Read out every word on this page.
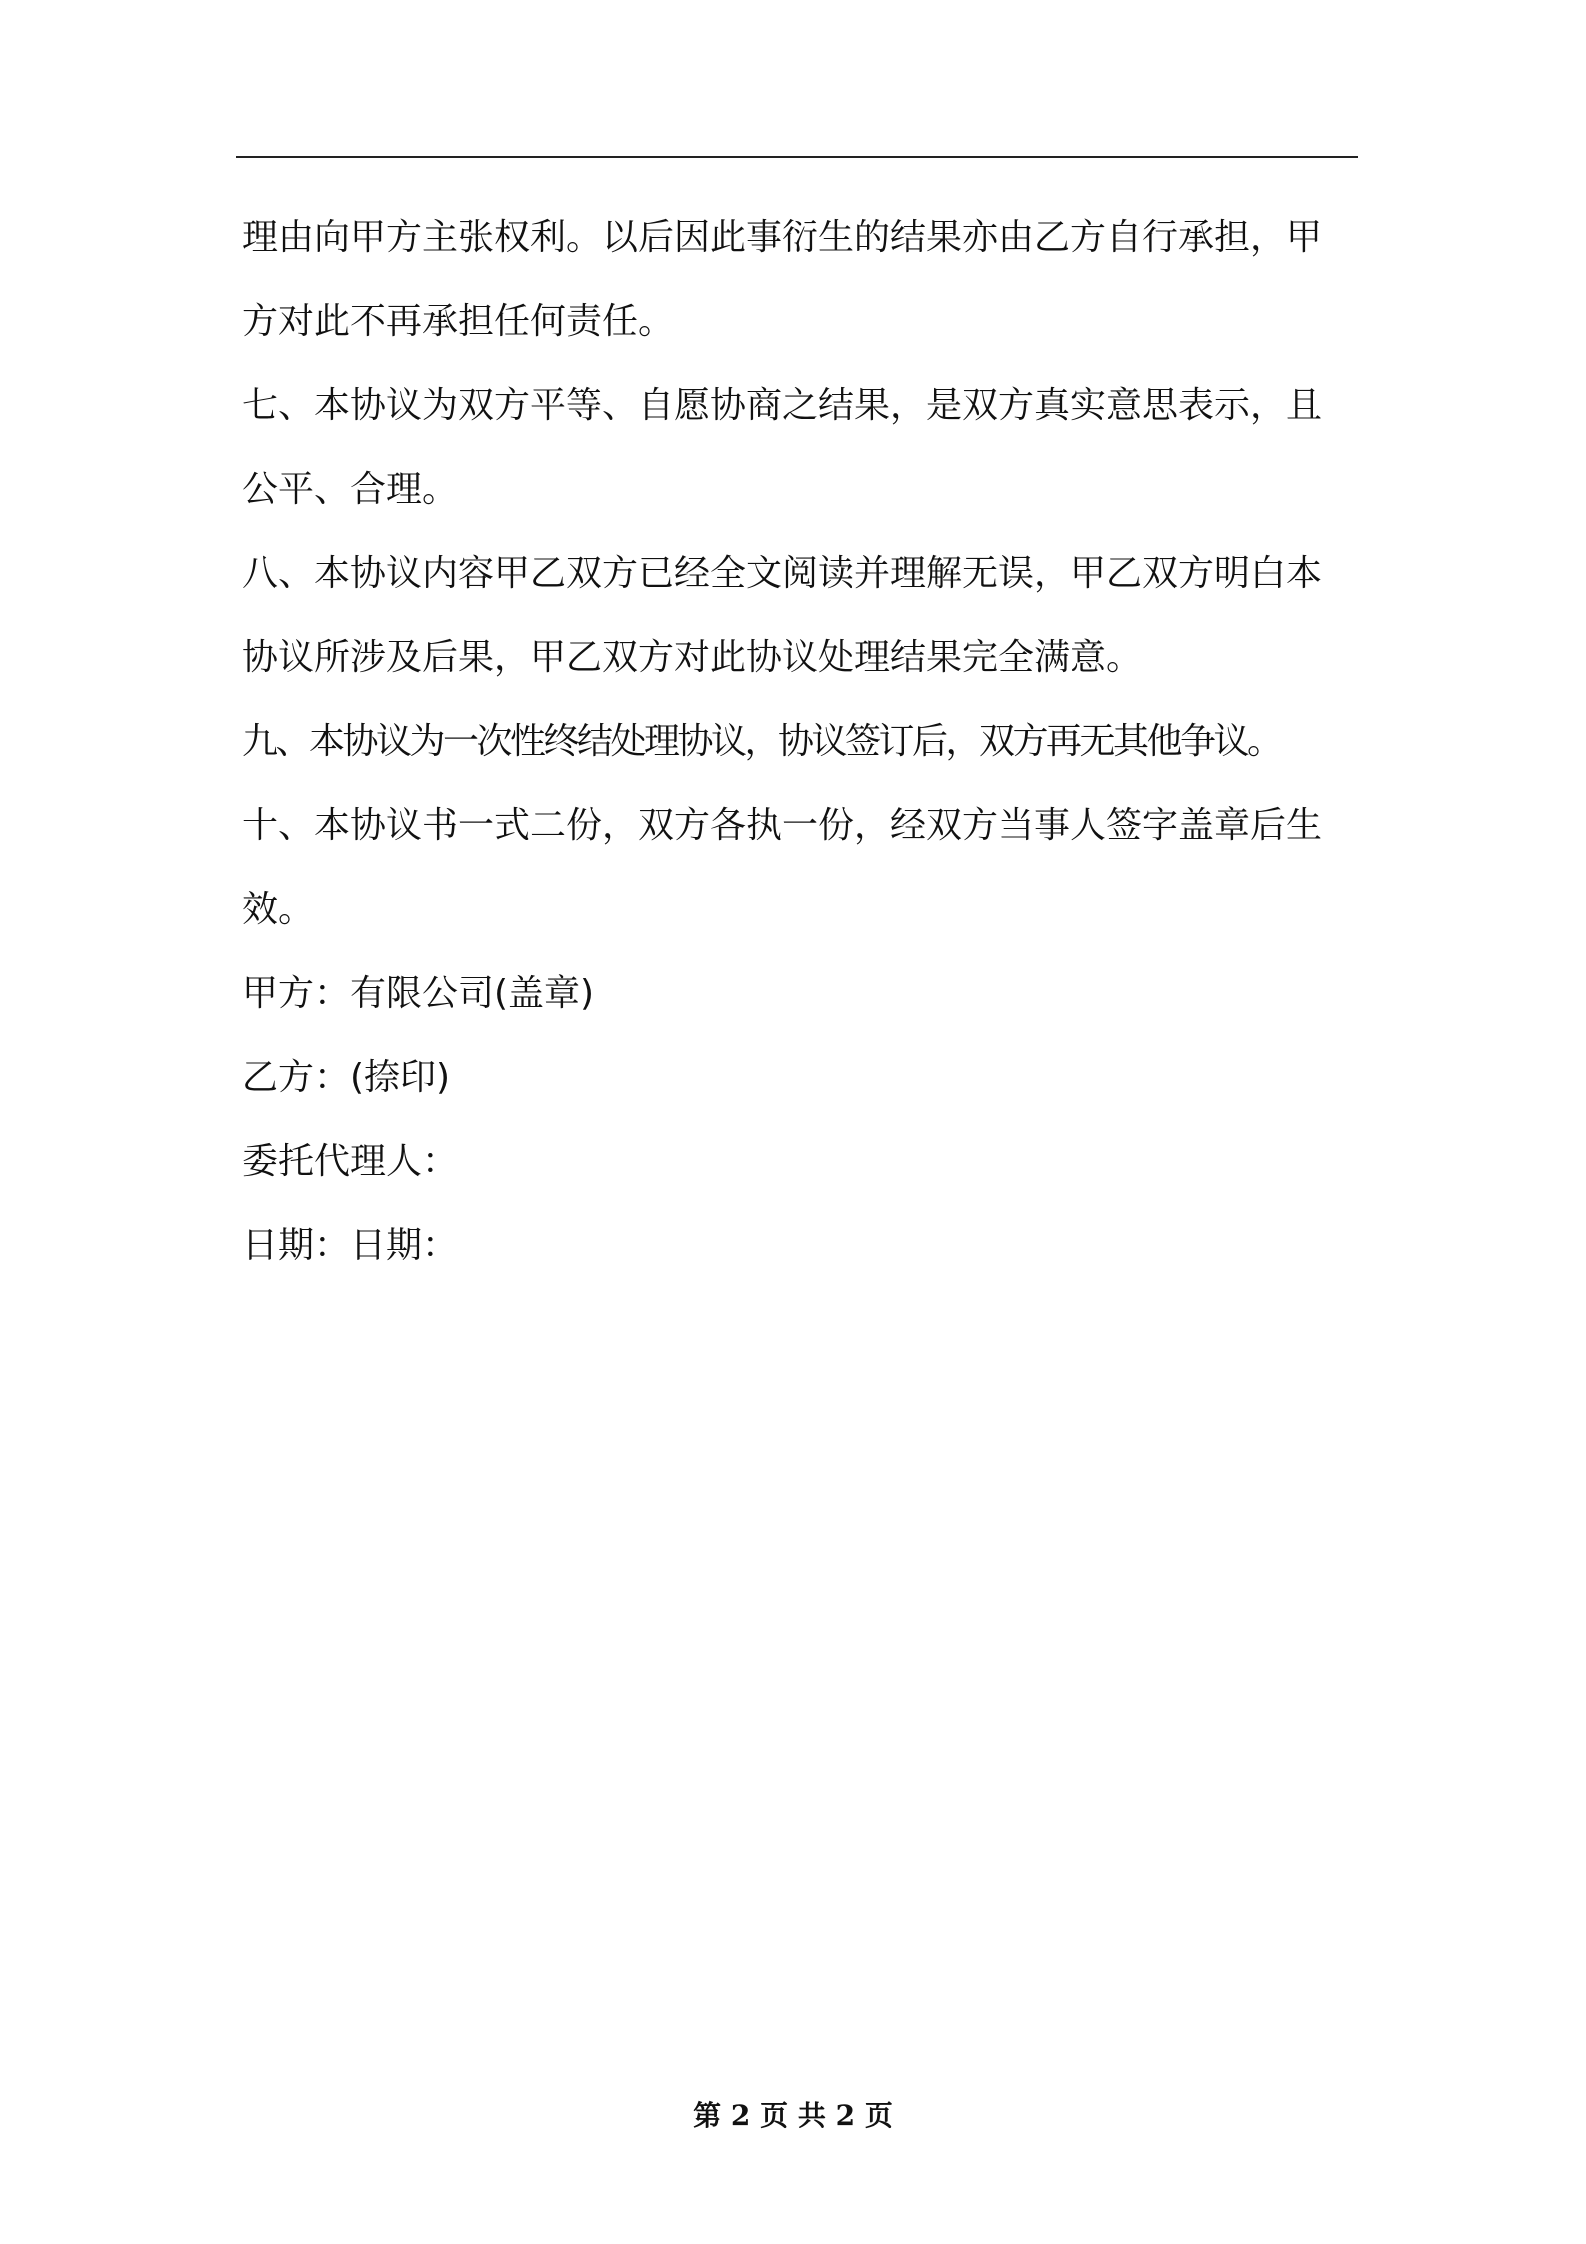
理由向甲方主张权利。以后因此事衍生的结果亦由乙方自行承担，甲
方对此不再承担任何责任。
七、本协议为双方平等、自愿协商之结果，是双方真实意思表示，且
公平、合理。
八、本协议内容甲乙双方已经全文阅读并理解无误，甲乙双方明白本
协议所涉及后果，甲乙双方对此协议处理结果完全满意。
九、本协议为一次性终结处理协议，协议签订后，双方再无其他争议。
十、本协议书一式二份，双方各执一份，经双方当事人签字盖章后生
效。
甲方：有限公司(盖章)
乙方：(捺印)
委托代理人：
日期：日期：
第 2 页 共 2 页
